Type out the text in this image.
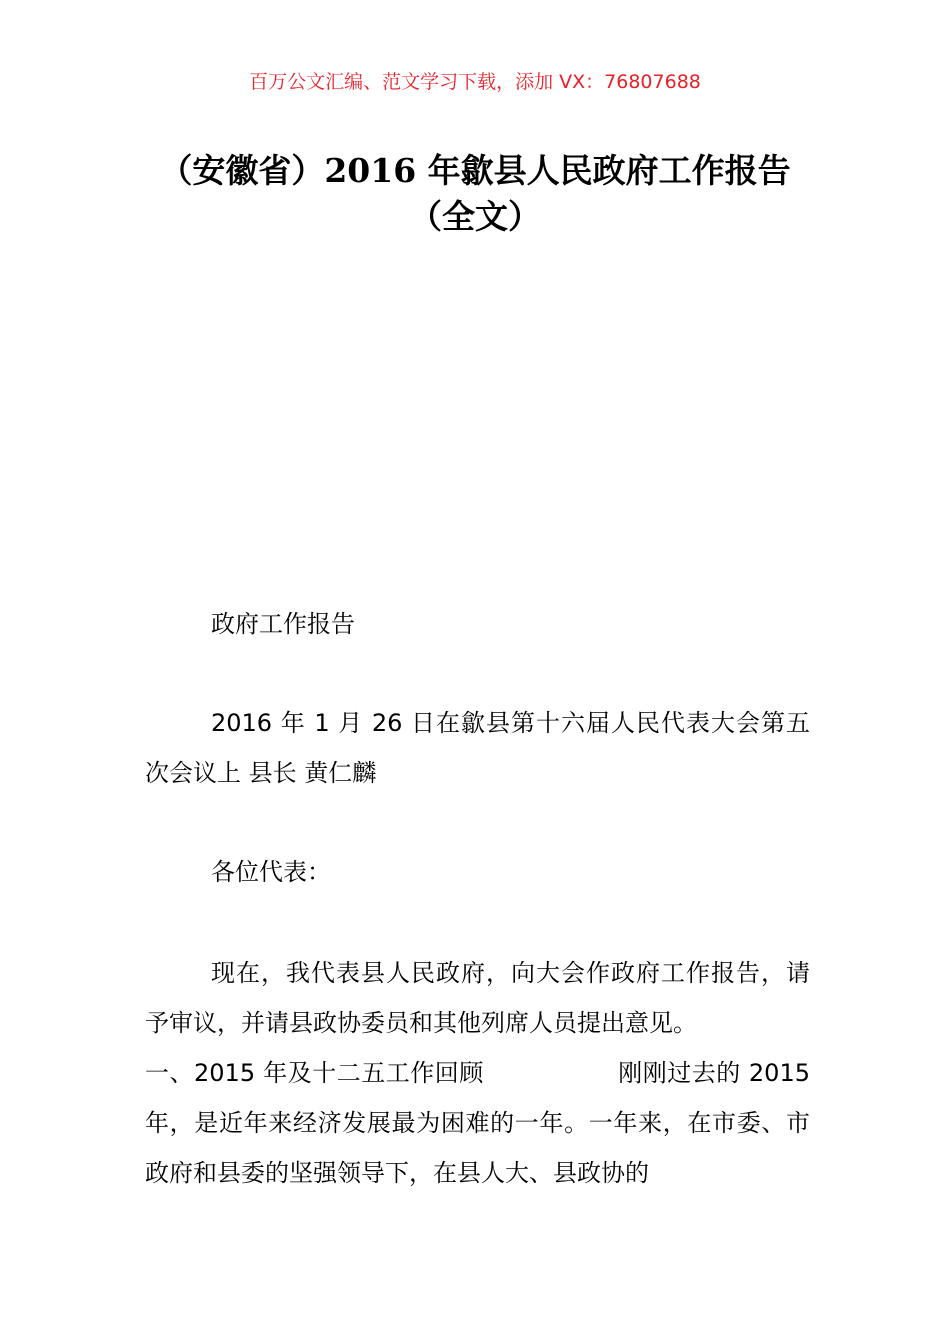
百万公文汇编、范文学习下载，添加 VX：76807688
（安徽省）2016 年歙县人民政府工作报告
（全文）
政府工作报告
2016 年 1 月 26 日在歙县第十六届人民代表大会第五次会议上 县长 黄仁麟
各位代表：
现在，我代表县人民政府，向大会作政府工作报告，请予审议，并请县政协委员和其他列席人员提出意见。
一、2015 年及十二五工作回顾	刚刚过去的 2015 年，是近年来经济发展最为困难的一年。一年来，在市委、市政府和县委的坚强领导下，在县人大、县政协的
